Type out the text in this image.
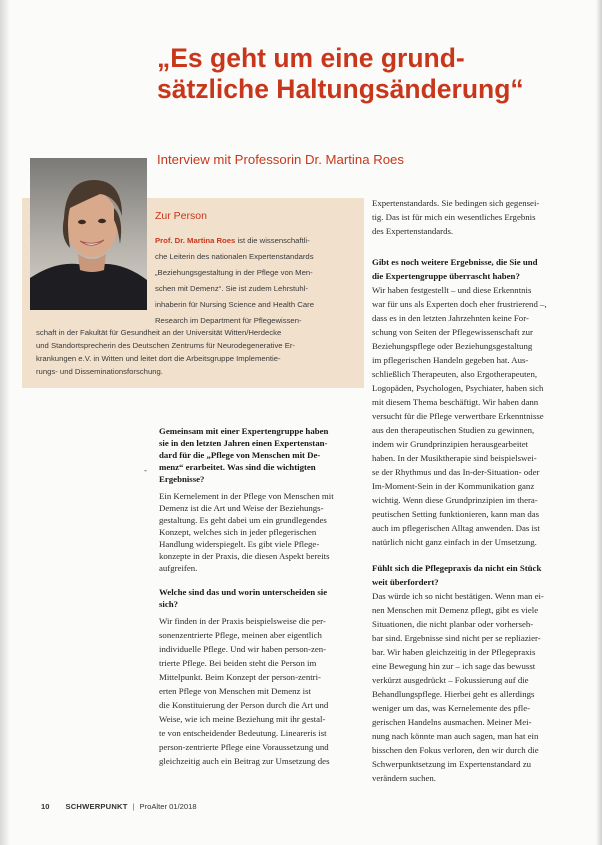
„Es geht um eine grund-
sätzliche Haltungsänderung“

Interview mit Professorin Dr. Martina Roes

Zur Person

Prof. Dr. Martina Roes ist die wissenschaftli-

che Leiterin des nationalen Expertenstandards

„Beziehungsgestaltung in der Pflege von Men-

schen mit Demenz“. Sie ist zudem Lehrstuhl-

inhaberin für Nursing Science and Health Care

Research im Department für Pflegewissen-

schaft in der Fakultät für Gesundheit an der Universität Witten/Herdecke

und Standortsprecherin des Deutschen Zentrums für Neurodegenerative Er-

krankungen e.V. in Witten und leitet dort die Arbeitsgruppe Implementie-

rungs- und Disseminationsforschung.

Gemeinsam mit einer Expertengruppe haben

sie in den letzten Jahren einen Expertenstan-

dard für die „Pflege von Menschen mit De-

menz“ erarbeitet. Was sind die wichtigten

Ergebnisse?

-

Ein Kernelement in der Pflege von Menschen mit

Demenz ist die Art und Weise der Beziehungs-

gestaltung. Es geht dabei um ein grundlegendes

Konzept, welches sich in jeder pflegerischen

Handlung widerspiegelt. Es gibt viele Pflege-

konzepte in der Praxis, die diesen Aspekt bereits

aufgreifen.

Welche sind das und worin unterscheiden sie

sich?

Wir finden in der Praxis beispielsweise die per-

sonenzentrierte Pflege, meinen aber eigentlich

individuelle Pflege. Und wir haben person-zen-

trierte Pflege. Bei beiden steht die Person im

Mittelpunkt. Beim Konzept der person-zentri-

erten Pflege von Menschen mit Demenz ist

die Konstituierung der Person durch die Art und

Weise, wie ich meine Beziehung mit ihr gestal-

te von entscheidender Bedeutung. Lineareris ist

person-zentrierte Pflege eine Voraussetzung und

gleichzeitig auch ein Beitrag zur Umsetzung des

Expertenstandards. Sie bedingen sich gegensei-

tig. Das ist für mich ein wesentliches Ergebnis

des Expertenstandards.

Gibt es noch weitere Ergebnisse, die Sie und

die Expertengruppe überrascht haben?

Wir haben festgestellt – und diese Erkenntnis

war für uns als Experten doch eher frustrierend –,

dass es in den letzten Jahrzehnten keine For-

schung von Seiten der Pflegewissenschaft zur

Beziehungspflege oder Beziehungsgestaltung

im pflegerischen Handeln gegeben hat. Aus-

schließlich Therapeuten, also Ergotherapeuten,

Logopäden, Psychologen, Psychiater, haben sich

mit diesem Thema beschäftigt. Wir haben dann

versucht für die Pflege verwertbare Erkenntnisse

aus den therapeutischen Studien zu gewinnen,

indem wir Grundprinzipien herausgearbeitet

haben. In der Musiktherapie sind beispielswei-

se der Rhythmus und das In-der-Situation- oder

Im-Moment-Sein in der Kommunikation ganz

wichtig. Wenn diese Grundprinzipien im thera-

peutischen Setting funktionieren, kann man das

auch im pflegerischen Alltag anwenden. Das ist

natürlich nicht ganz einfach in der Umsetzung.

Fühlt sich die Pflegepraxis da nicht ein Stück

weit überfordert?

Das würde ich so nicht bestätigen. Wenn man ei-

nen Menschen mit Demenz pflegt, gibt es viele

Situationen, die nicht planbar oder vorherseh-

bar sind. Ergebnisse sind nicht per se repliazier-

bar. Wir haben gleichzeitig in der Pflegepraxis

eine Bewegung hin zur – ich sage das bewusst

verkürzt ausgedrückt – Fokussierung auf die

Behandlungspflege. Hierbei geht es allerdings

weniger um das, was Kernelemente des pfle-

gerischen Handelns ausmachen. Meiner Mei-

nung nach könnte man auch sagen, man hat ein

bisschen den Fokus verloren, den wir durch die

Schwerpunktsetzung im Expertenstandard zu

verändern suchen.

10 SCHWERPUNKT | ProAlter 01/2018
